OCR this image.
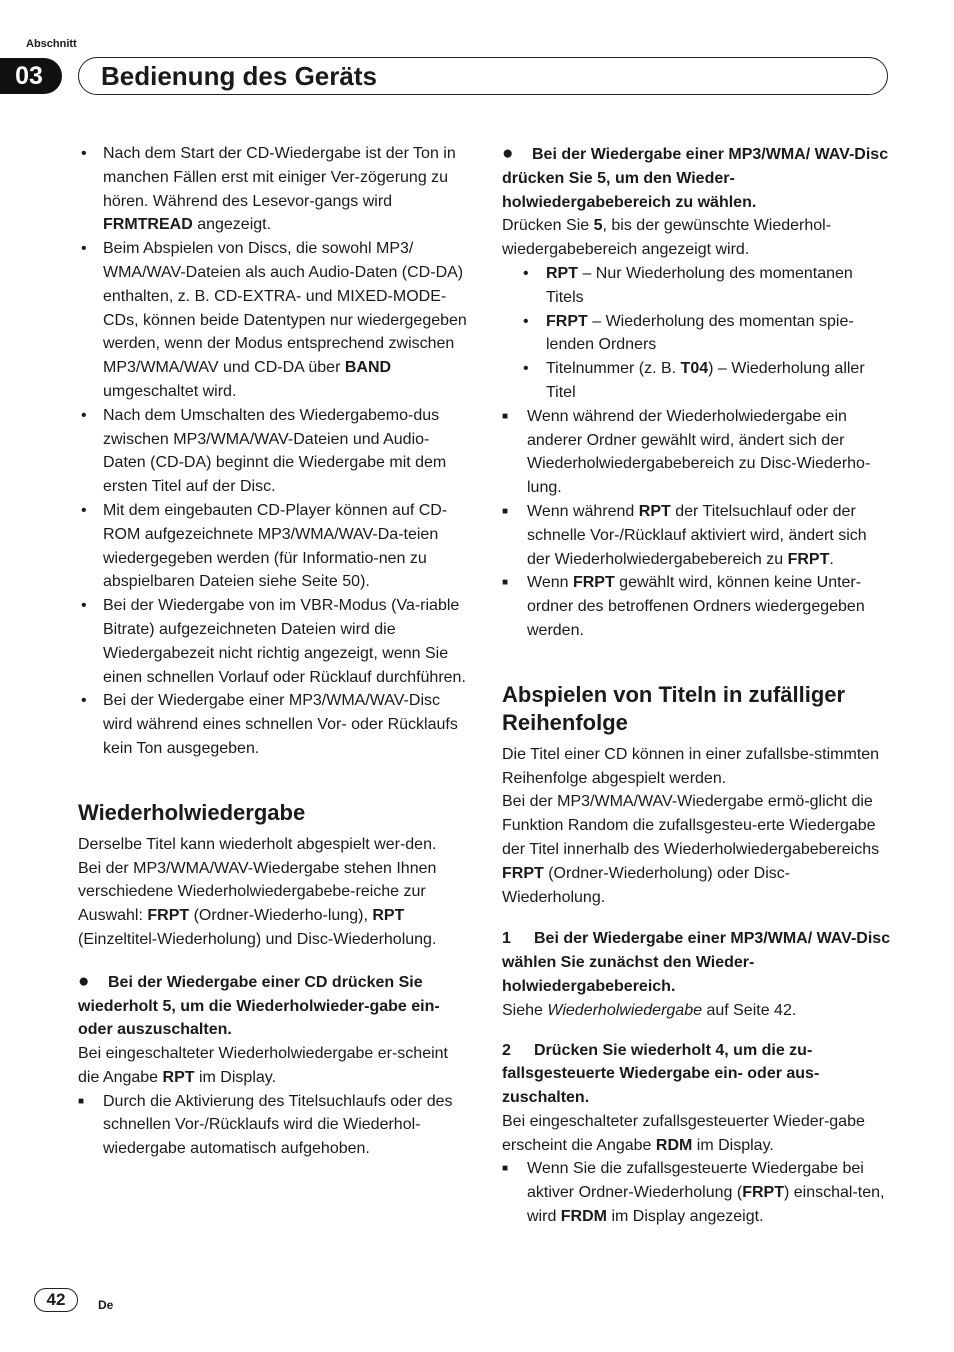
Abschnitt
03	Bedienung des Geräts
• Nach dem Start der CD-Wiedergabe ist der Ton in manchen Fällen erst mit einiger Ver-zögerung zu hören. Während des Lesevor-gangs wird FRMTREAD angezeigt.
• Beim Abspielen von Discs, die sowohl MP3/ WMA/WAV-Dateien als auch Audio-Daten (CD-DA) enthalten, z. B. CD-EXTRA- und MIXED-MODE-CDs, können beide Datentypen nur wiedergegeben werden, wenn der Modus entsprechend zwischen MP3/WMA/WAV und CD-DA über BAND umgeschaltet wird.
• Nach dem Umschalten des Wiedergabemo-dus zwischen MP3/WMA/WAV-Dateien und Audio-Daten (CD-DA) beginnt die Wiedergabe mit dem ersten Titel auf der Disc.
• Mit dem eingebauten CD-Player können auf CD-ROM aufgezeichnete MP3/WMA/WAV-Da-teien wiedergegeben werden (für Informatio-nen zu abspielbaren Dateien siehe Seite 50).
• Bei der Wiedergabe von im VBR-Modus (Va-riable Bitrate) aufgezeichneten Dateien wird die Wiedergabezeit nicht richtig angezeigt, wenn Sie einen schnellen Vorlauf oder Rücklauf durchführen.
• Bei der Wiedergabe einer MP3/WMA/WAV-Disc wird während eines schnellen Vor- oder Rücklaufs kein Ton ausgegeben.
Wiederholwiedergabe

Derselbe Titel kann wiederholt abgespielt wer-den.

Bei der MP3/WMA/WAV-Wiedergabe stehen Ihnen verschiedene Wiederholwiedergabebe-reiche zur Auswahl: FRPT (Ordner-Wiederho-lung), RPT (Einzeltitel-Wiederholung) und Disc-Wiederholung.

● Bei der Wiedergabe einer CD drücken Sie wiederholt 5, um die Wiederholwieder-gabe ein- oder auszuschalten.

Bei eingeschalteter Wiederholwiedergabe er-scheint die Angabe RPT im Display.

■ Durch die Aktivierung des Titelsuchlaufs oder des schnellen Vor-/Rücklaufs wird die Wiederhol-wiedergabe automatisch aufgehoben.

● Bei der Wiedergabe einer MP3/WMA/ WAV-Disc drücken Sie 5, um den Wieder-holwiedergabebereich zu wählen.

Drücken Sie 5, bis der gewünschte Wiederhol-wiedergabebereich angezeigt wird.

• RPT – Nur Wiederholung des momentanen Titels
• FRPT – Wiederholung des momentan spie-lenden Ordners
• Titelnummer (z. B. T04) – Wiederholung aller Titel

■ Wenn während der Wiederholwiedergabe ein anderer Ordner gewählt wird, ändert sich der Wiederholwiedergabebereich zu Disc-Wiederho-lung.

■ Wenn während RPT der Titelsuchlauf oder der schnelle Vor-/Rücklauf aktiviert wird, ändert sich der Wiederholwiedergabebereich zu FRPT.

■ Wenn FRPT gewählt wird, können keine Unter-ordner des betroffenen Ordners wiedergegeben werden.

Abspielen von Titeln in zufälliger Reihenfolge

Die Titel einer CD können in einer zufallsbe-stimmten Reihenfolge abgespielt werden.

Bei der MP3/WMA/WAV-Wiedergabe ermö-glicht die Funktion Random die zufallsgesteu-erte Wiedergabe der Titel innerhalb des Wiederholwiedergabebereichs FRPT (Ordner-Wiederholung) oder Disc-Wiederholung.

1 Bei der Wiedergabe einer MP3/WMA/ WAV-Disc wählen Sie zunächst den Wieder-holwiedergabebereich.

Siehe Wiederholwiedergabe auf Seite 42.

2 Drücken Sie wiederholt 4, um die zu-fallsgesteuerte Wiedergabe ein- oder aus-zuschalten.

Bei eingeschalteter zufallsgesteuerter Wieder-gabe erscheint die Angabe RDM im Display.

■ Wenn Sie die zufallsgesteuerte Wiedergabe bei aktiver Ordner-Wiederholung (FRPT) einschal-ten, wird FRDM im Display angezeigt.

42	De
